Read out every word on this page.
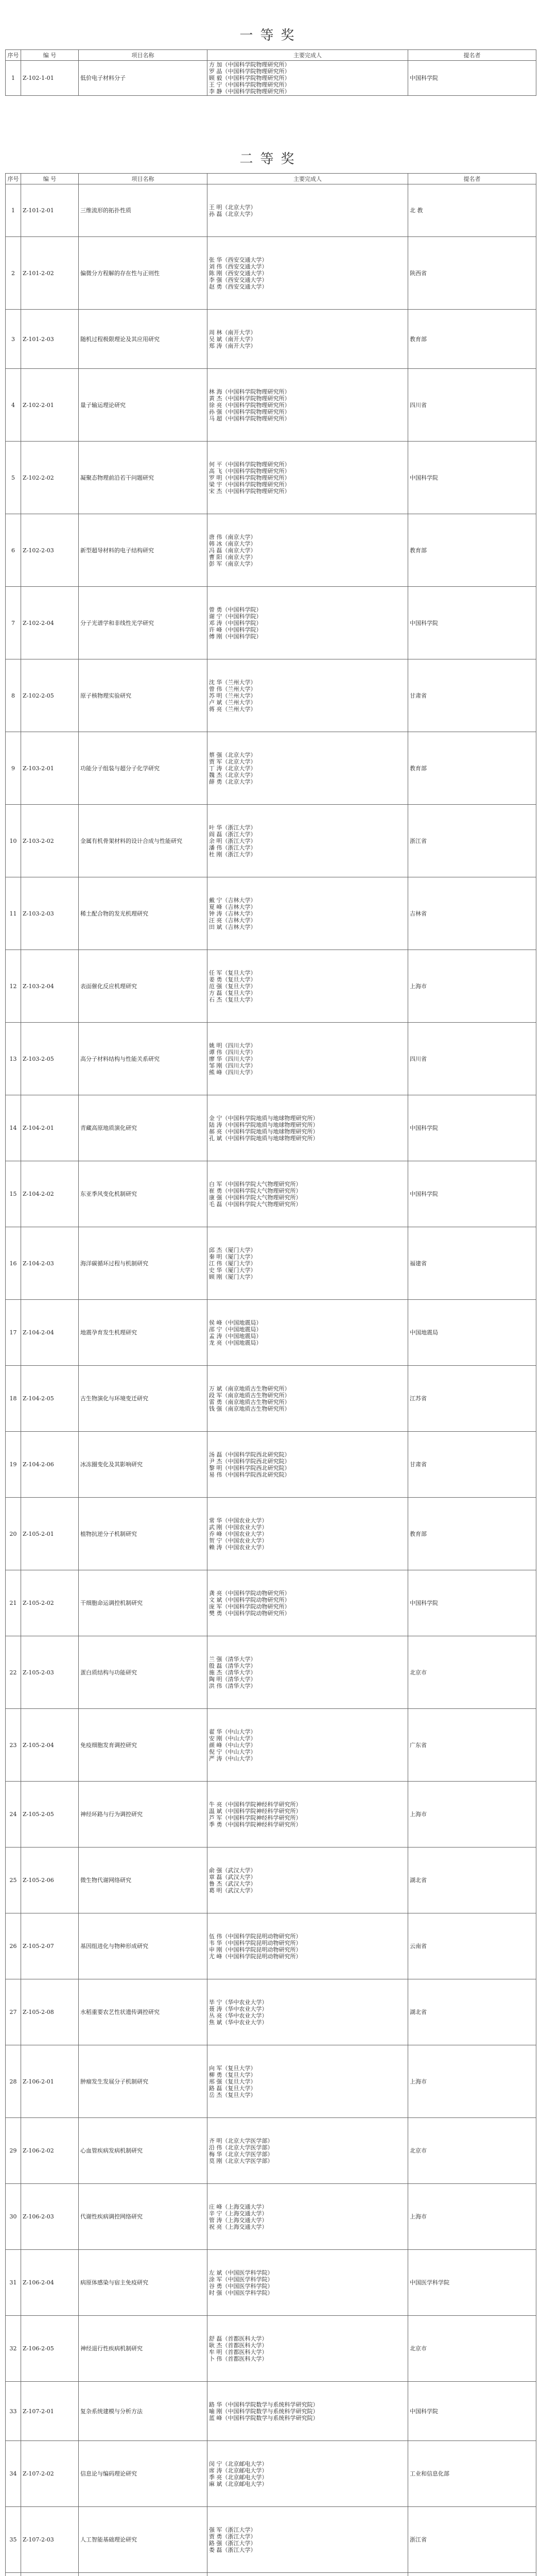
一等奖
序号	编 号	项目名称	主要完成人	提名者
1	Z-102-1-01	低价电子材料分子	方 加（中国科学院物理研究所）
罗 晶（中国科学院物理研究所）
顾 毅（中国科学院物理研究所）
王 宁（中国科学院物理研究所）
李 静（中国科学院物理研究所）	中国科学院
二等奖
序号	编 号	项目名称	主要完成人	提名者
1	Z-101-2-01	三维流形的拓扑性质	王 明（北京大学）
孙 磊（北京大学）	北 教
2	Z-101-2-02	偏微分方程解的存在性与正则性	张 华（西安交通大学）
刘 伟（西安交通大学）
陈 刚（西安交通大学）
李 强（西安交通大学）
赵 勇（西安交通大学）	陕西省
3	Z-101-2-03	随机过程极限理论及其应用研究	周 林（南开大学）
吴 斌（南开大学）
郑 涛（南开大学）	教育部
4	Z-102-2-01	量子输运理论研究	林 海（中国科学院物理研究所）
黄 杰（中国科学院物理研究所）
徐 亮（中国科学院物理研究所）
孙 强（中国科学院物理研究所）
马 超（中国科学院物理研究所）	四川省
5	Z-102-2-02	凝聚态物理前沿若干问题研究	何 平（中国科学院物理研究所）
高 飞（中国科学院物理研究所）
罗 明（中国科学院物理研究所）
梁 宇（中国科学院物理研究所）
宋 杰（中国科学院物理研究所）	中国科学院
6	Z-102-2-03	新型超导材料的电子结构研究	唐 伟（南京大学）
韩 冰（南京大学）
冯 磊（南京大学）
曹 阳（南京大学）
彭 军（南京大学）	教育部
7	Z-102-2-04	分子光谱学和非线性光学研究	曾 勇（中国科学院）
谢 宁（中国科学院）
邓 涛（中国科学院）
许 峰（中国科学院）
傅 刚（中国科学院）	中国科学院
8	Z-102-2-05	原子核物理实验研究	沈 华（兰州大学）
曾 伟（兰州大学）
苏 明（兰州大学）
卢 斌（兰州大学）
蒋 亮（兰州大学）	甘肃省
9	Z-103-2-01	功能分子组装与超分子化学研究	蔡 强（北京大学）
贾 军（北京大学）
丁 涛（北京大学）
魏 杰（北京大学）
薛 勇（北京大学）	教育部
10	Z-103-2-02	金属有机骨架材料的设计合成与性能研究	叶 华（浙江大学）
阎 磊（浙江大学）
余 明（浙江大学）
潘 伟（浙江大学）
杜 刚（浙江大学）	浙江省
11	Z-103-2-03	稀土配合物的发光机理研究	戴 宁（吉林大学）
夏 峰（吉林大学）
钟 涛（吉林大学）
汪 亮（吉林大学）
田 斌（吉林大学）	吉林省
12	Z-103-2-04	表面催化反应机理研究	任 军（复旦大学）
姜 勇（复旦大学）
范 强（复旦大学）
方 磊（复旦大学）
石 杰（复旦大学）	上海市
13	Z-103-2-05	高分子材料结构与性能关系研究	姚 明（四川大学）
谭 伟（四川大学）
廖 华（四川大学）
邹 刚（四川大学）
熊 峰（四川大学）	四川省
14	Z-104-2-01	青藏高原地质演化研究	金 宁（中国科学院地质与地球物理研究所）
陆 涛（中国科学院地质与地球物理研究所）
郝 亮（中国科学院地质与地球物理研究所）
孔 斌（中国科学院地质与地球物理研究所）	中国科学院
15	Z-104-2-02	东亚季风变化机制研究	白 军（中国科学院大气物理研究所）
崔 勇（中国科学院大气物理研究所）
康 强（中国科学院大气物理研究所）
毛 磊（中国科学院大气物理研究所）	中国科学院
16	Z-104-2-03	海洋碳循环过程与机制研究	邱 杰（厦门大学）
秦 明（厦门大学）
江 伟（厦门大学）
史 华（厦门大学）
顾 刚（厦门大学）	福建省
17	Z-104-2-04	地震孕育发生机理研究	侯 峰（中国地震局）
邵 宁（中国地震局）
孟 涛（中国地震局）
龙 亮（中国地震局）	中国地震局
18	Z-104-2-05	古生物演化与环境变迁研究	万 斌（南京地质古生物研究所）
段 军（南京地质古生物研究所）
雷 勇（南京地质古生物研究所）
钱 强（南京地质古生物研究所）	江苏省
19	Z-104-2-06	冰冻圈变化及其影响研究	汤 磊（中国科学院西北研究院）
尹 杰（中国科学院西北研究院）
黎 明（中国科学院西北研究院）
易 伟（中国科学院西北研究院）	甘肃省
20	Z-105-2-01	植物抗逆分子机制研究	常 华（中国农业大学）
武 刚（中国农业大学）
乔 峰（中国农业大学）
贺 宁（中国农业大学）
赖 涛（中国农业大学）	教育部
21	Z-105-2-02	干细胞命运调控机制研究	龚 亮（中国科学院动物研究所）
文 斌（中国科学院动物研究所）
庞 军（中国科学院动物研究所）
樊 勇（中国科学院动物研究所）	中国科学院
22	Z-105-2-03	蛋白质结构与功能研究	兰 强（清华大学）
殷 磊（清华大学）
施 杰（清华大学）
陶 明（清华大学）
洪 伟（清华大学）	北京市
23	Z-105-2-04	免疫细胞发育调控研究	翟 华（中山大学）
安 刚（中山大学）
颜 峰（中山大学）
倪 宁（中山大学）
严 涛（中山大学）	广东省
24	Z-105-2-05	神经环路与行为调控研究	牛 亮（中国科学院神经科学研究所）
温 斌（中国科学院神经科学研究所）
芦 军（中国科学院神经科学研究所）
季 勇（中国科学院神经科学研究所）	上海市
25	Z-105-2-06	微生物代谢网络研究	俞 强（武汉大学）
章 磊（武汉大学）
鲁 杰（武汉大学）
葛 明（武汉大学）	湖北省
26	Z-105-2-07	基因组进化与物种形成研究	伍 伟（中国科学院昆明动物研究所）
韦 华（中国科学院昆明动物研究所）
申 刚（中国科学院昆明动物研究所）
尤 峰（中国科学院昆明动物研究所）	云南省
27	Z-105-2-08	水稻重要农艺性状遗传调控研究	毕 宁（华中农业大学）
聂 涛（华中农业大学）
丛 亮（华中农业大学）
焦 斌（华中农业大学）	湖北省
28	Z-106-2-01	肿瘤发生发展分子机制研究	向 军（复旦大学）
柳 勇（复旦大学）
邢 强（复旦大学）
路 磊（复旦大学）
岳 杰（复旦大学）	上海市
29	Z-106-2-02	心血管疾病发病机制研究	齐 明（北京大学医学部）
沿 伟（北京大学医学部）
梅 华（北京大学医学部）
莫 刚（北京大学医学部）	北京市
30	Z-106-2-03	代谢性疾病调控网络研究	庄 峰（上海交通大学）
辛 宁（上海交通大学）
管 涛（上海交通大学）
祝 亮（上海交通大学）	上海市
31	Z-106-2-04	病原体感染与宿主免疫研究	左 斌（中国医学科学院）
涂 军（中国医学科学院）
谷 勇（中国医学科学院）
时 强（中国医学科学院）	中国医学科学院
32	Z-106-2-05	神经退行性疾病机制研究	舒 磊（首都医科大学）
耿 杰（首都医科大学）
牟 明（首都医科大学）
卜 伟（首都医科大学）	北京市
33	Z-107-2-01	复杂系统建模与分析方法	路 华（中国科学院数学与系统科学研究院）
喻 刚（中国科学院数学与系统科学研究院）
蓝 峰（中国科学院数学与系统科学研究院）	中国科学院
34	Z-107-2-02	信息论与编码理论研究	闵 宁（北京邮电大学）
席 涛（北京邮电大学）
季 亮（北京邮电大学）
麻 斌（北京邮电大学）	工业和信息化部
35	Z-107-2-03	人工智能基础理论研究	强 军（浙江大学）
贾 勇（浙江大学）
路 强（浙江大学）
娄 磊（浙江大学）	浙江省
